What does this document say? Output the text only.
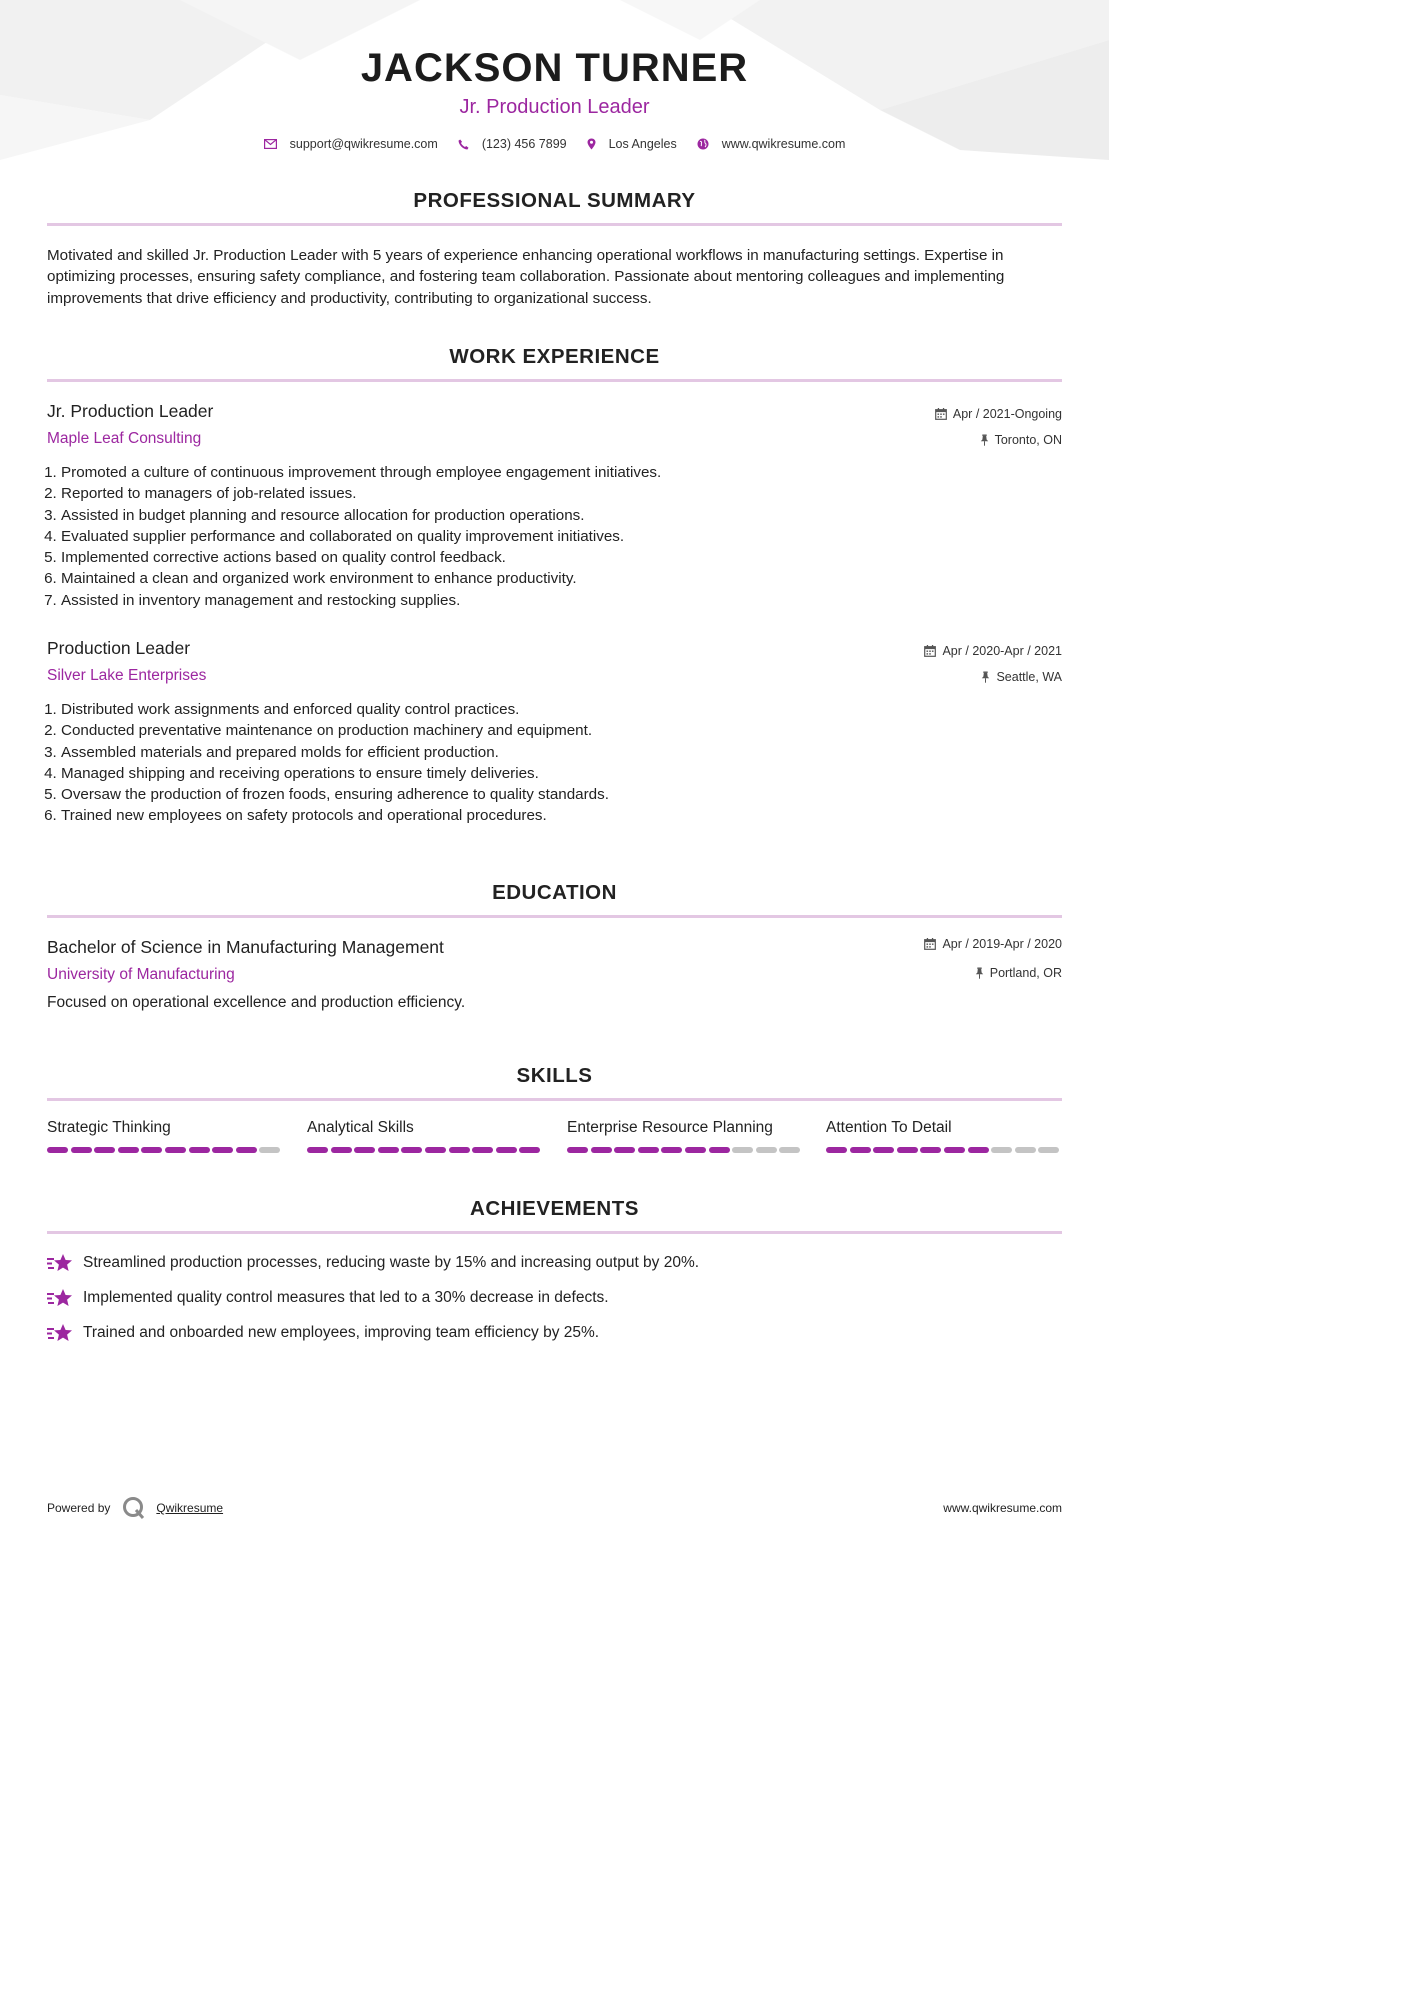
JACKSON TURNER
Jr. Production Leader
support@qwikresume.com	(123) 456 7899	Los Angeles	www.qwikresume.com
PROFESSIONAL SUMMARY
Motivated and skilled Jr. Production Leader with 5 years of experience enhancing operational workflows in manufacturing settings. Expertise in optimizing processes, ensuring safety compliance, and fostering team collaboration. Passionate about mentoring colleagues and implementing improvements that drive efficiency and productivity, contributing to organizational success.
WORK EXPERIENCE
Jr. Production Leader
Maple Leaf Consulting
Apr / 2021-Ongoing
Toronto, ON
1. Promoted a culture of continuous improvement through employee engagement initiatives.
2. Reported to managers of job-related issues.
3. Assisted in budget planning and resource allocation for production operations.
4. Evaluated supplier performance and collaborated on quality improvement initiatives.
5. Implemented corrective actions based on quality control feedback.
6. Maintained a clean and organized work environment to enhance productivity.
7. Assisted in inventory management and restocking supplies.
Production Leader
Silver Lake Enterprises
Apr / 2020-Apr / 2021
Seattle, WA
1. Distributed work assignments and enforced quality control practices.
2. Conducted preventative maintenance on production machinery and equipment.
3. Assembled materials and prepared molds for efficient production.
4. Managed shipping and receiving operations to ensure timely deliveries.
5. Oversaw the production of frozen foods, ensuring adherence to quality standards.
6. Trained new employees on safety protocols and operational procedures.
EDUCATION
Bachelor of Science in Manufacturing Management
University of Manufacturing
Apr / 2019-Apr / 2020
Portland, OR
Focused on operational excellence and production efficiency.
SKILLS
Strategic Thinking	Analytical Skills	Enterprise Resource Planning	Attention To Detail
ACHIEVEMENTS
Streamlined production processes, reducing waste by 15% and increasing output by 20%.
Implemented quality control measures that led to a 30% decrease in defects.
Trained and onboarded new employees, improving team efficiency by 25%.
Powered by	Qwikresume	www.qwikresume.com
